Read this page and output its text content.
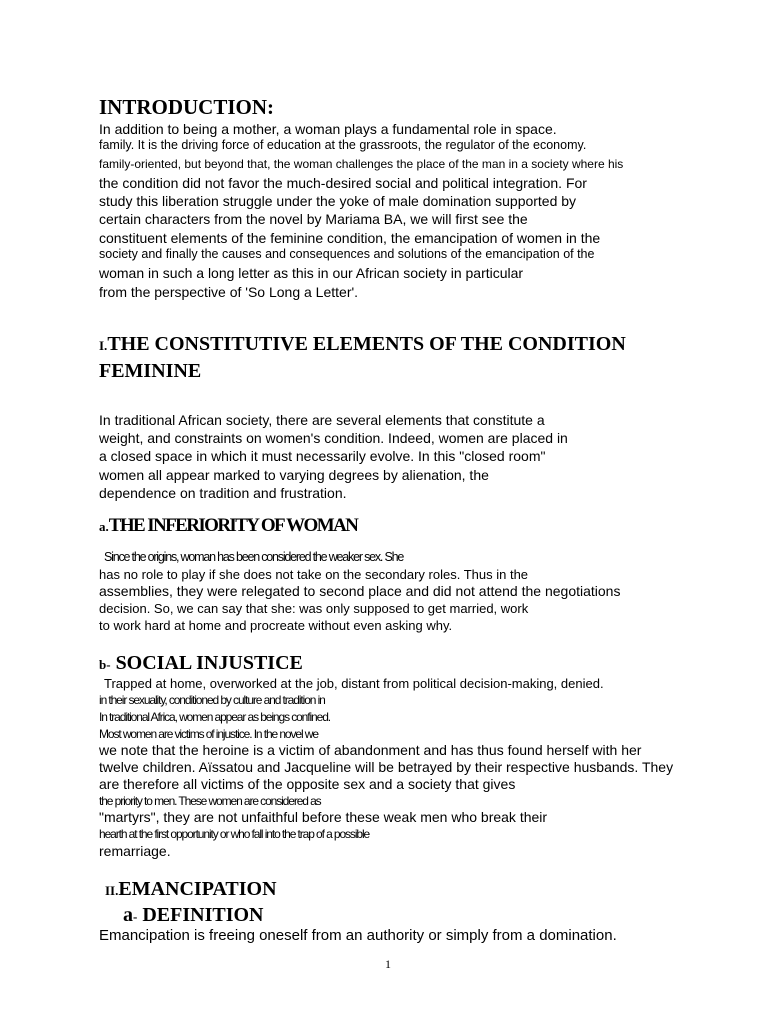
INTRODUCTION:
In addition to being a mother, a woman plays a fundamental role in space.
family. It is the driving force of education at the grassroots, the regulator of the economy.
family-oriented, but beyond that, the woman challenges the place of the man in a society where his
the condition did not favor the much-desired social and political integration. For
study this liberation struggle under the yoke of male domination supported by
certain characters from the novel by Mariama BA, we will first see the
constituent elements of the feminine condition, the emancipation of women in the
society and finally the causes and consequences and solutions of the emancipation of the
woman in such a long letter as this in our African society in particular
from the perspective of 'So Long a Letter'.
I.THE CONSTITUTIVE ELEMENTS OF THE CONDITION
FEMININE
In traditional African society, there are several elements that constitute a
weight, and constraints on women's condition. Indeed, women are placed in
a closed space in which it must necessarily evolve. In this "closed room"
women all appear marked to varying degrees by alienation, the
dependence on tradition and frustration.
a.THE INFERIORITY OF WOMAN
Since the origins, woman has been considered the weaker sex. She
has no role to play if she does not take on the secondary roles. Thus in the
assemblies, they were relegated to second place and did not attend the negotiations
decision. So, we can say that she: was only supposed to get married, work
to work hard at home and procreate without even asking why.
b- SOCIAL INJUSTICE
Trapped at home, overworked at the job, distant from political decision-making, denied.
in their sexuality, conditioned by culture and tradition in
In traditional Africa, women appear as beings confined.
Most women are victims of injustice. In the novel we
we note that the heroine is a victim of abandonment and has thus found herself with her
twelve children. Aïssatou and Jacqueline will be betrayed by their respective husbands. They
are therefore all victims of the opposite sex and a society that gives
the priority to men. These women are considered as
"martyrs", they are not unfaithful before these weak men who break their
hearth at the first opportunity or who fall into the trap of a possible
remarriage.
II.EMANCIPATION
a- DEFINITION
Emancipation is freeing oneself from an authority or simply from a domination.
1
